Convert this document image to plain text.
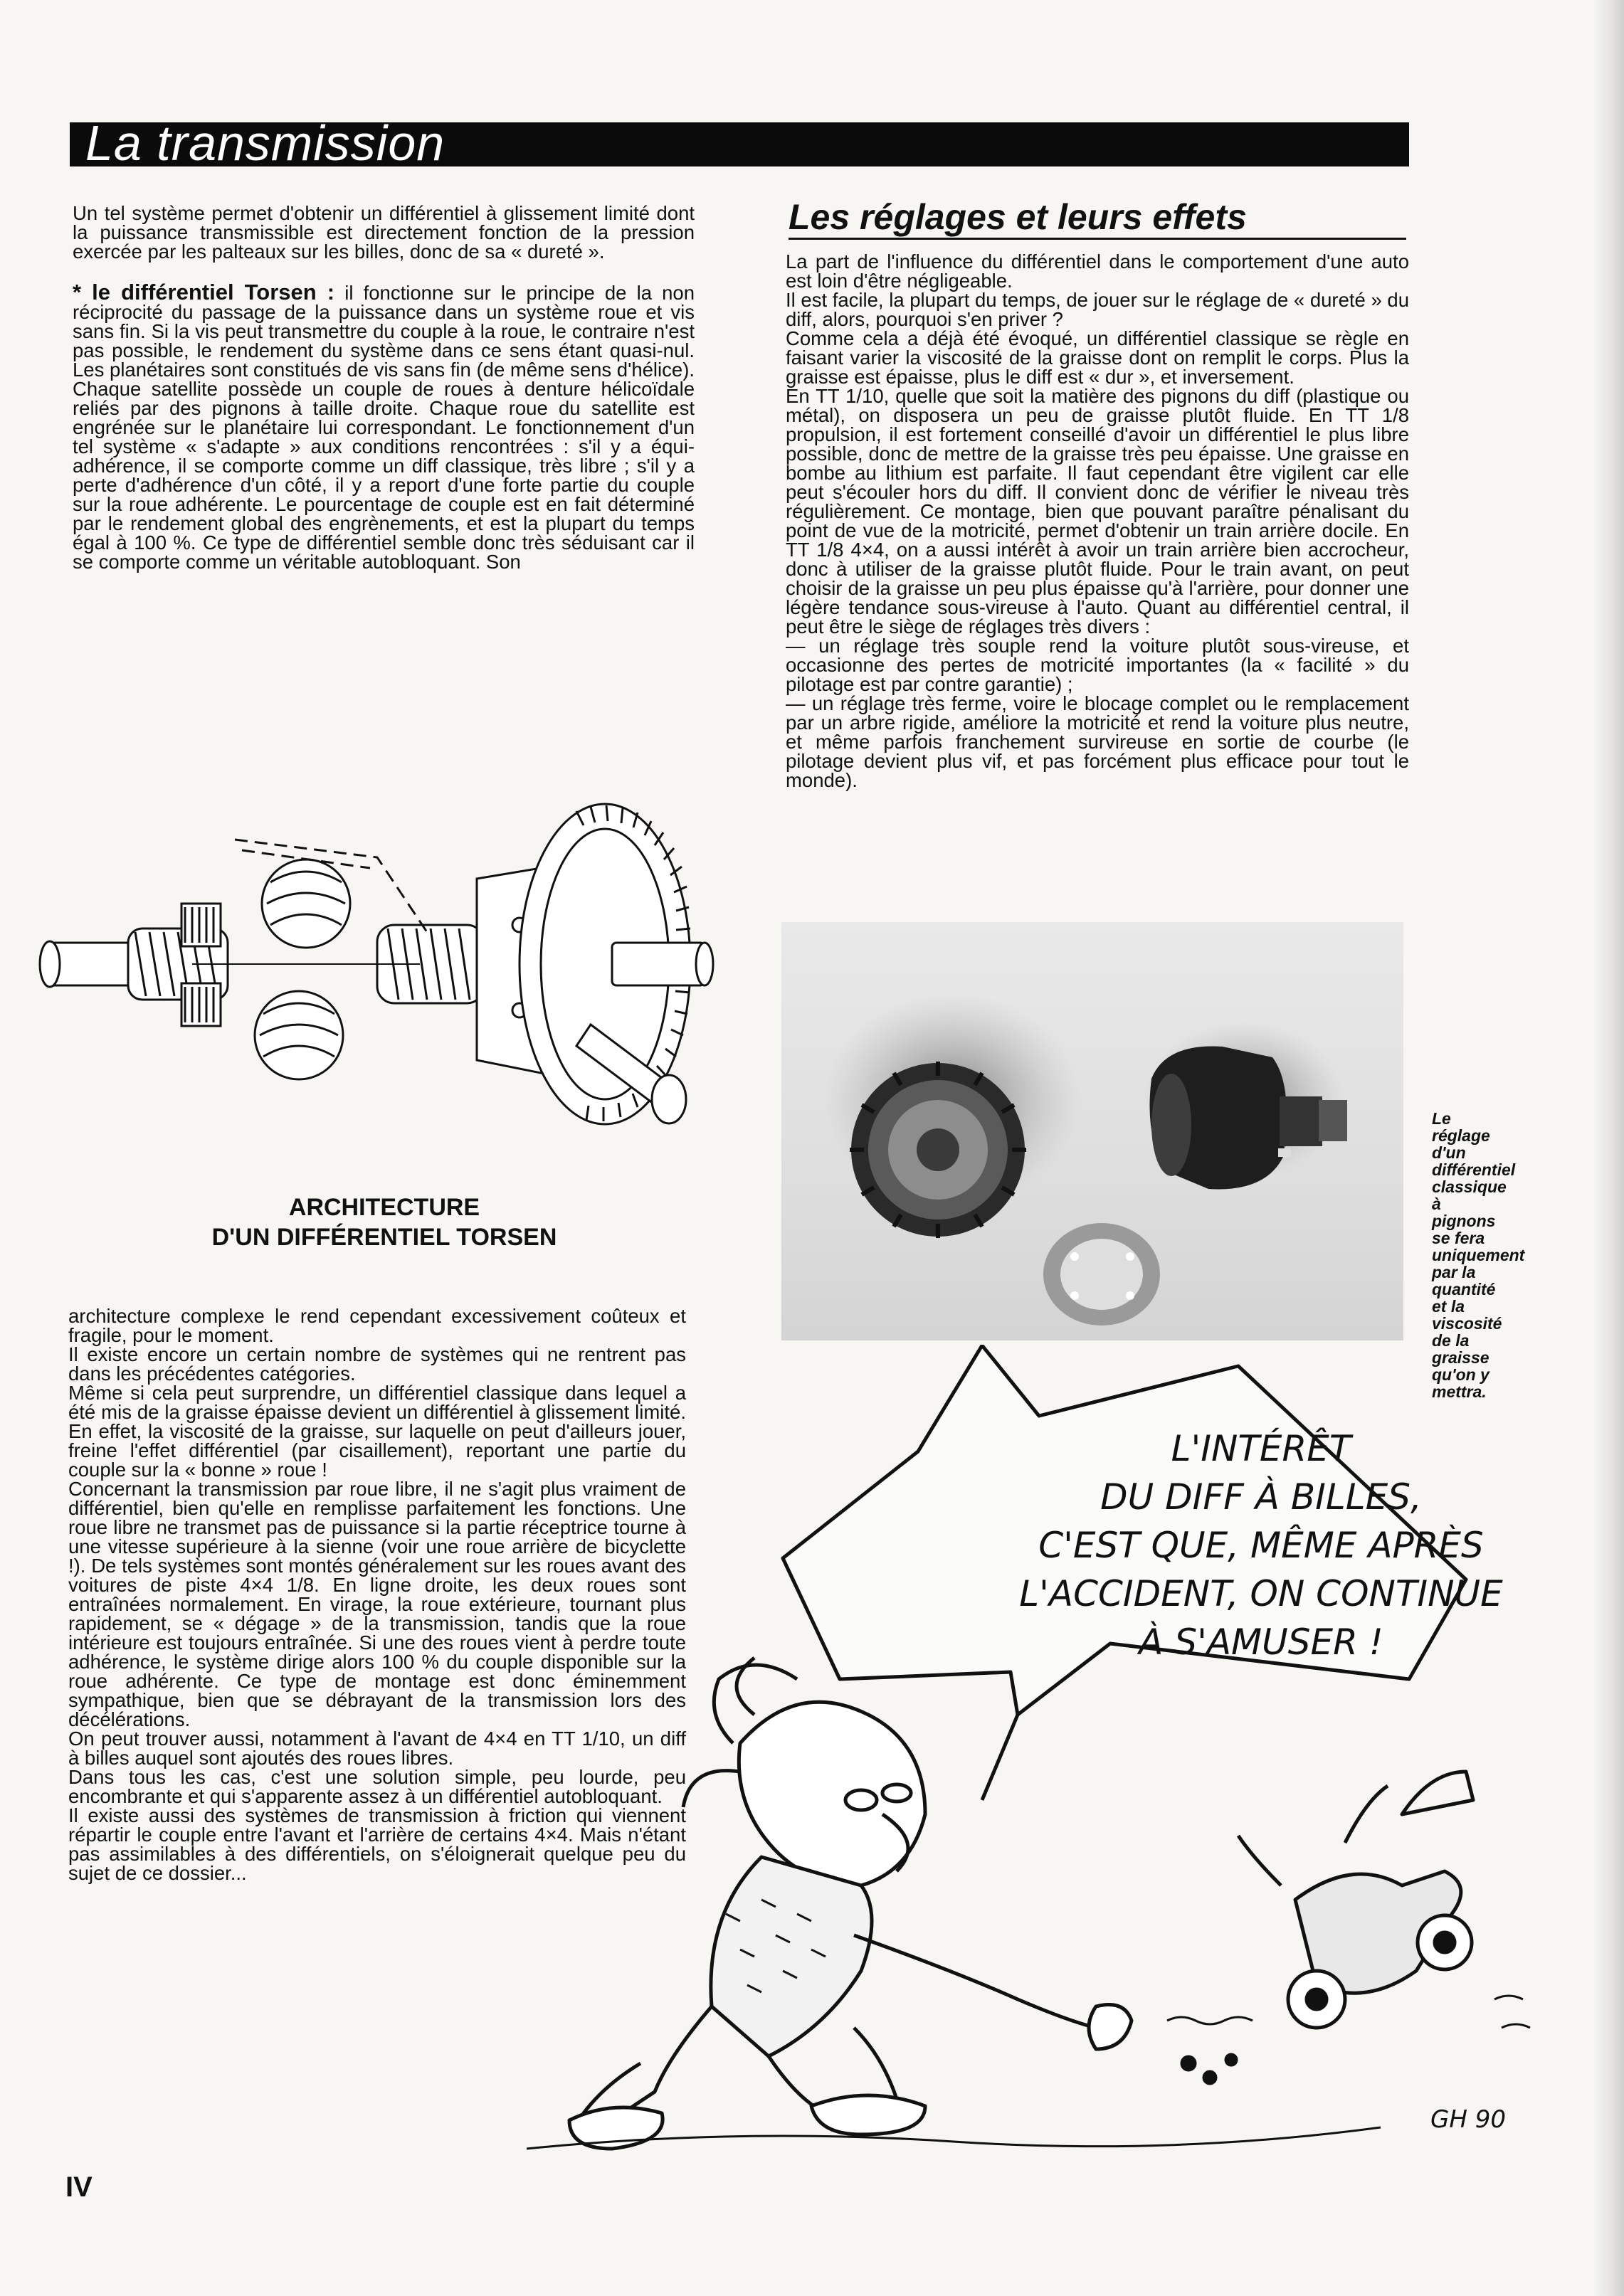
La transmission

Un tel système permet d'obtenir un différentiel à glissement limité dont la puissance transmissible est directement fonction de la pression exercée par les palteaux sur les billes, donc de sa « dureté ».

* le différentiel Torsen : il fonctionne sur le principe de la non réciprocité du passage de la puissance dans un système roue et vis sans fin. Si la vis peut transmettre du couple à la roue, le contraire n'est pas possible, le rendement du système dans ce sens étant quasi-nul. Les planétaires sont constitués de vis sans fin (de même sens d'hélice). Chaque satellite possède un couple de roues à denture hélicoïdale reliés par des pignons à taille droite. Chaque roue du satellite est engrénée sur le planétaire lui correspondant. Le fonctionnement d'un tel système « s'adapte » aux conditions rencontrées : s'il y a équi-adhérence, il se comporte comme un diff classique, très libre ; s'il y a perte d'adhérence d'un côté, il y a report d'une forte partie du couple sur la roue adhérente. Le pourcentage de couple est en fait déterminé par le rendement global des engrènements, et est la plupart du temps égal à 100 %. Ce type de différentiel semble donc très séduisant car il se comporte comme un véritable autobloquant. Son

ARCHITECTURE
D'UN DIFFÉRENTIEL TORSEN

architecture complexe le rend cependant excessivement coûteux et fragile, pour le moment.

Il existe encore un certain nombre de systèmes qui ne rentrent pas dans les précédentes catégories.

Même si cela peut surprendre, un différentiel classique dans lequel a été mis de la graisse épaisse devient un différentiel à glissement limité. En effet, la viscosité de la graisse, sur laquelle on peut d'ailleurs jouer, freine l'effet différentiel (par cisaillement), reportant une partie du couple sur la « bonne » roue !

Concernant la transmission par roue libre, il ne s'agit plus vraiment de différentiel, bien qu'elle en remplisse parfaitement les fonctions. Une roue libre ne transmet pas de puissance si la partie réceptrice tourne à une vitesse supérieure à la sienne (voir une roue arrière de bicyclette !). De tels systèmes sont montés généralement sur les roues avant des voitures de piste 4×4 1/8. En ligne droite, les deux roues sont entraînées normalement. En virage, la roue extérieure, tournant plus rapidement, se « dégage » de la transmission, tandis que la roue intérieure est toujours entraînée. Si une des roues vient à perdre toute adhérence, le système dirige alors 100 % du couple disponible sur la roue adhérente. Ce type de montage est donc éminemment sympathique, bien que se débrayant de la transmission lors des décélérations.

On peut trouver aussi, notamment à l'avant de 4×4 en TT 1/10, un diff à billes auquel sont ajoutés des roues libres.

Dans tous les cas, c'est une solution simple, peu lourde, peu encombrante et qui s'apparente assez à un différentiel autobloquant.

Il existe aussi des systèmes de transmission à friction qui viennent répartir le couple entre l'avant et l'arrière de certains 4×4. Mais n'étant pas assimilables à des différentiels, on s'éloignerait quelque peu du sujet de ce dossier...

Les réglages et leurs effets

La part de l'influence du différentiel dans le comportement d'une auto est loin d'être négligeable.

Il est facile, la plupart du temps, de jouer sur le réglage de « dureté » du diff, alors, pourquoi s'en priver ?

Comme cela a déjà été évoqué, un différentiel classique se règle en faisant varier la viscosité de la graisse dont on remplit le corps. Plus la graisse est épaisse, plus le diff est « dur », et inversement.

En TT 1/10, quelle que soit la matière des pignons du diff (plastique ou métal), on disposera un peu de graisse plutôt fluide. En TT 1/8 propulsion, il est fortement conseillé d'avoir un différentiel le plus libre possible, donc de mettre de la graisse très peu épaisse. Une graisse en bombe au lithium est parfaite. Il faut cependant être vigilent car elle peut s'écouler hors du diff. Il convient donc de vérifier le niveau très régulièrement. Ce montage, bien que pouvant paraître pénalisant du point de vue de la motricité, permet d'obtenir un train arrière docile. En TT 1/8 4×4, on a aussi intérêt à avoir un train arrière bien accrocheur, donc à utiliser de la graisse plutôt fluide. Pour le train avant, on peut choisir de la graisse un peu plus épaisse qu'à l'arrière, pour donner une légère tendance sous-vireuse à l'auto. Quant au différentiel central, il peut être le siège de réglages très divers :

— un réglage très souple rend la voiture plutôt sous-vireuse, et occasionne des pertes de motricité importantes (la « facilité » du pilotage est par contre garantie) ;

— un réglage très ferme, voire le blocage complet ou le remplacement par un arbre rigide, améliore la motricité et rend la voiture plus neutre, et même parfois franchement survireuse en sortie de courbe (le pilotage devient plus vif, et pas forcément plus efficace pour tout le monde).

Le
réglage
d'un
différentiel
classique
à
pignons
se fera
uniquement
par la
quantité
et la
viscosité
de la
graisse
qu'on y
mettra.
GH 90
L'INTÉRÊT
DU DIFF À BILLES,
C'EST QUE, MÊME APRÈS
L'ACCIDENT, ON CONTINUE
À S'AMUSER !
IV
